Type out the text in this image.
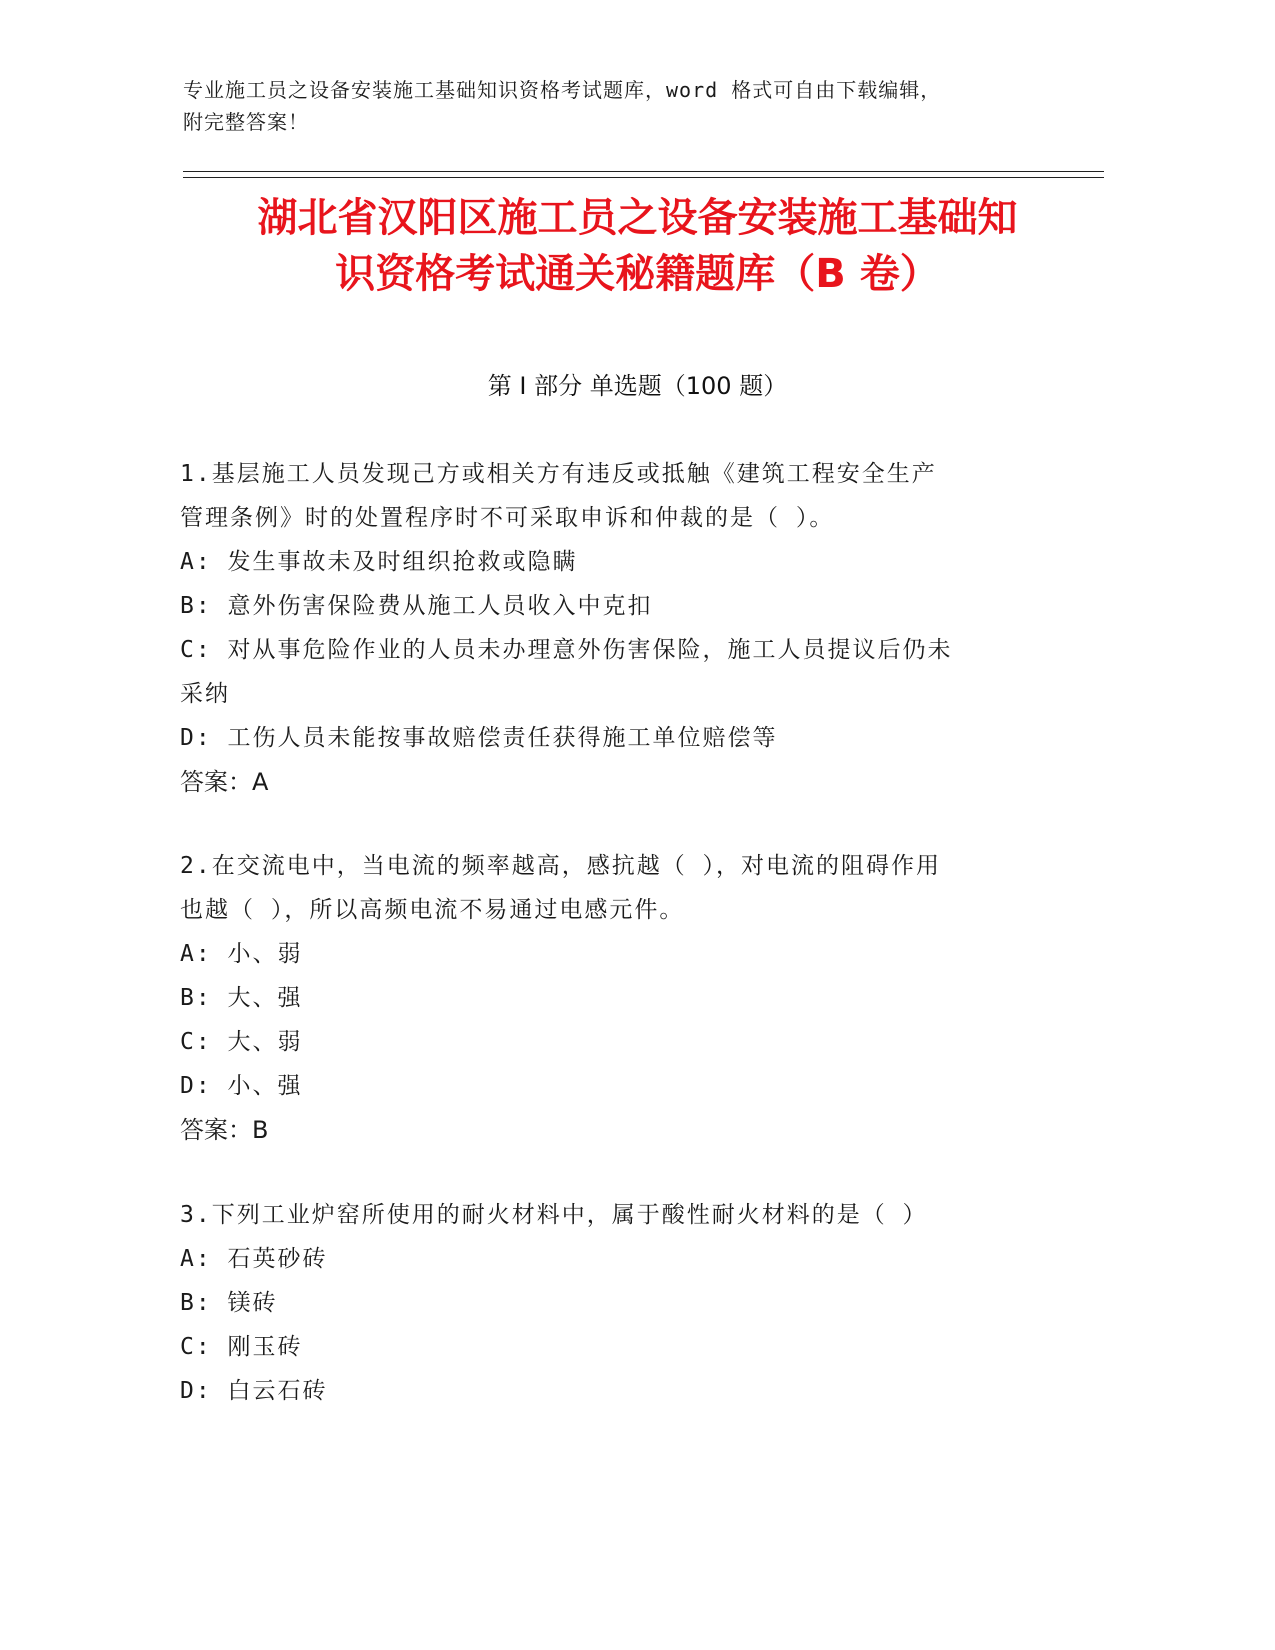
专业施工员之设备安装施工基础知识资格考试题库，word 格式可自由下载编辑，

附完整答案！

湖北省汉阳区施工员之设备安装施工基础知

识资格考试通关秘籍题库（B 卷）

第 I 部分 单选题（100 题）

1.基层施工人员发现己方或相关方有违反或抵触《建筑工程安全生产

管理条例》时的处置程序时不可采取申诉和仲裁的是（ ）。

A: 发生事故未及时组织抢救或隐瞒

B: 意外伤害保险费从施工人员收入中克扣

C: 对从事危险作业的人员未办理意外伤害保险，施工人员提议后仍未

采纳

D: 工伤人员未能按事故赔偿责任获得施工单位赔偿等

答案：A

2.在交流电中，当电流的频率越高，感抗越（ ），对电流的阻碍作用

也越（ ），所以高频电流不易通过电感元件。

A: 小、弱

B: 大、强

C: 大、弱

D: 小、强

答案：B

3.下列工业炉窑所使用的耐火材料中，属于酸性耐火材料的是（ ）

A: 石英砂砖

B: 镁砖

C: 刚玉砖

D: 白云石砖
